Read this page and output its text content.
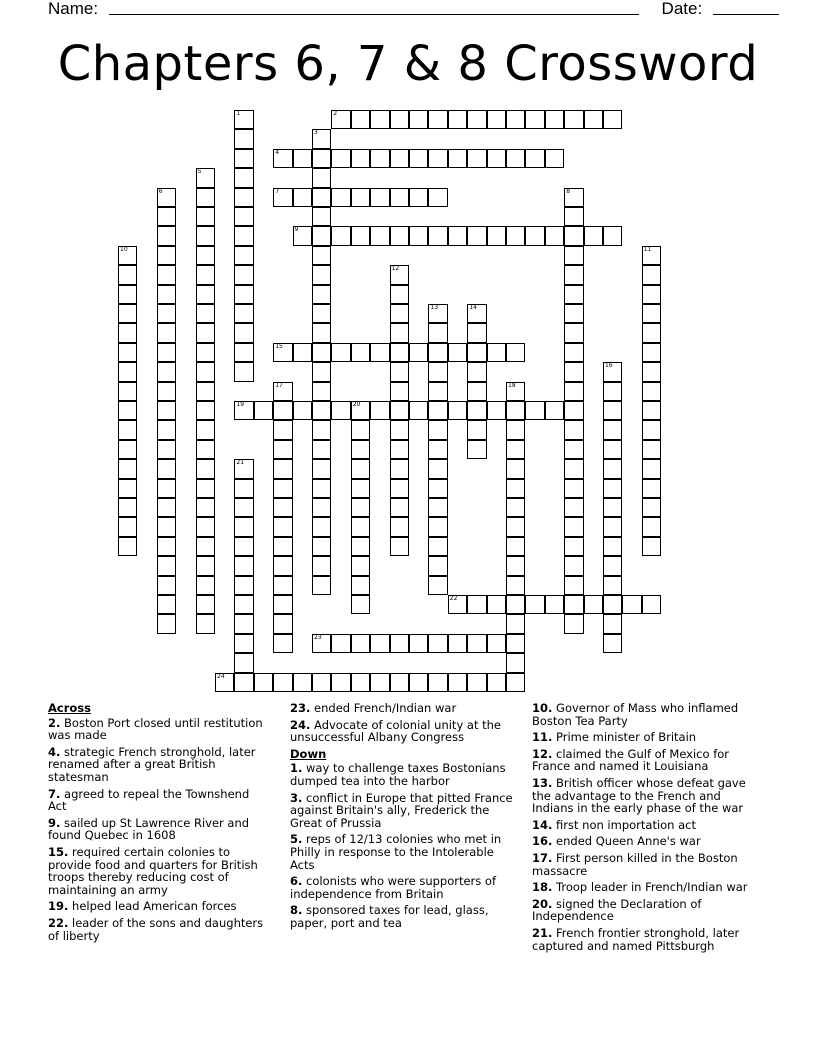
Name:	Date:
Chapters 6, 7 & 8 Crossword
1	2
3
4
5
6	7	8
9
10	11
12
13	14
15
16
17	18
19	20
21
22
23
24
Across
2. Boston Port closed until restitution was made
4. strategic French stronghold, later renamed after a great British statesman
7. agreed to repeal the Townshend Act
9. sailed up St Lawrence River and found Quebec in 1608
15. required certain colonies to provide food and quarters for British troops thereby reducing cost of maintaining an army
19. helped lead American forces
22. leader of the sons and daughters of liberty
23. ended French/Indian war
24. Advocate of colonial unity at the unsuccessful Albany Congress
Down
1. way to challenge taxes Bostonians dumped tea into the harbor
3. conflict in Europe that pitted France against Britain's ally, Frederick the Great of Prussia
5. reps of 12/13 colonies who met in Philly in response to the Intolerable Acts
6. colonists who were supporters of independence from Britain
8. sponsored taxes for lead, glass, paper, port and tea
10. Governor of Mass who inflamed Boston Tea Party
11. Prime minister of Britain
12. claimed the Gulf of Mexico for France and named it Louisiana
13. British officer whose defeat gave the advantage to the French and Indians in the early phase of the war
14. first non importation act
16. ended Queen Anne's war
17. First person killed in the Boston massacre
18. Troop leader in French/Indian war
20. signed the Declaration of Independence
21. French frontier stronghold, later captured and named Pittsburgh
